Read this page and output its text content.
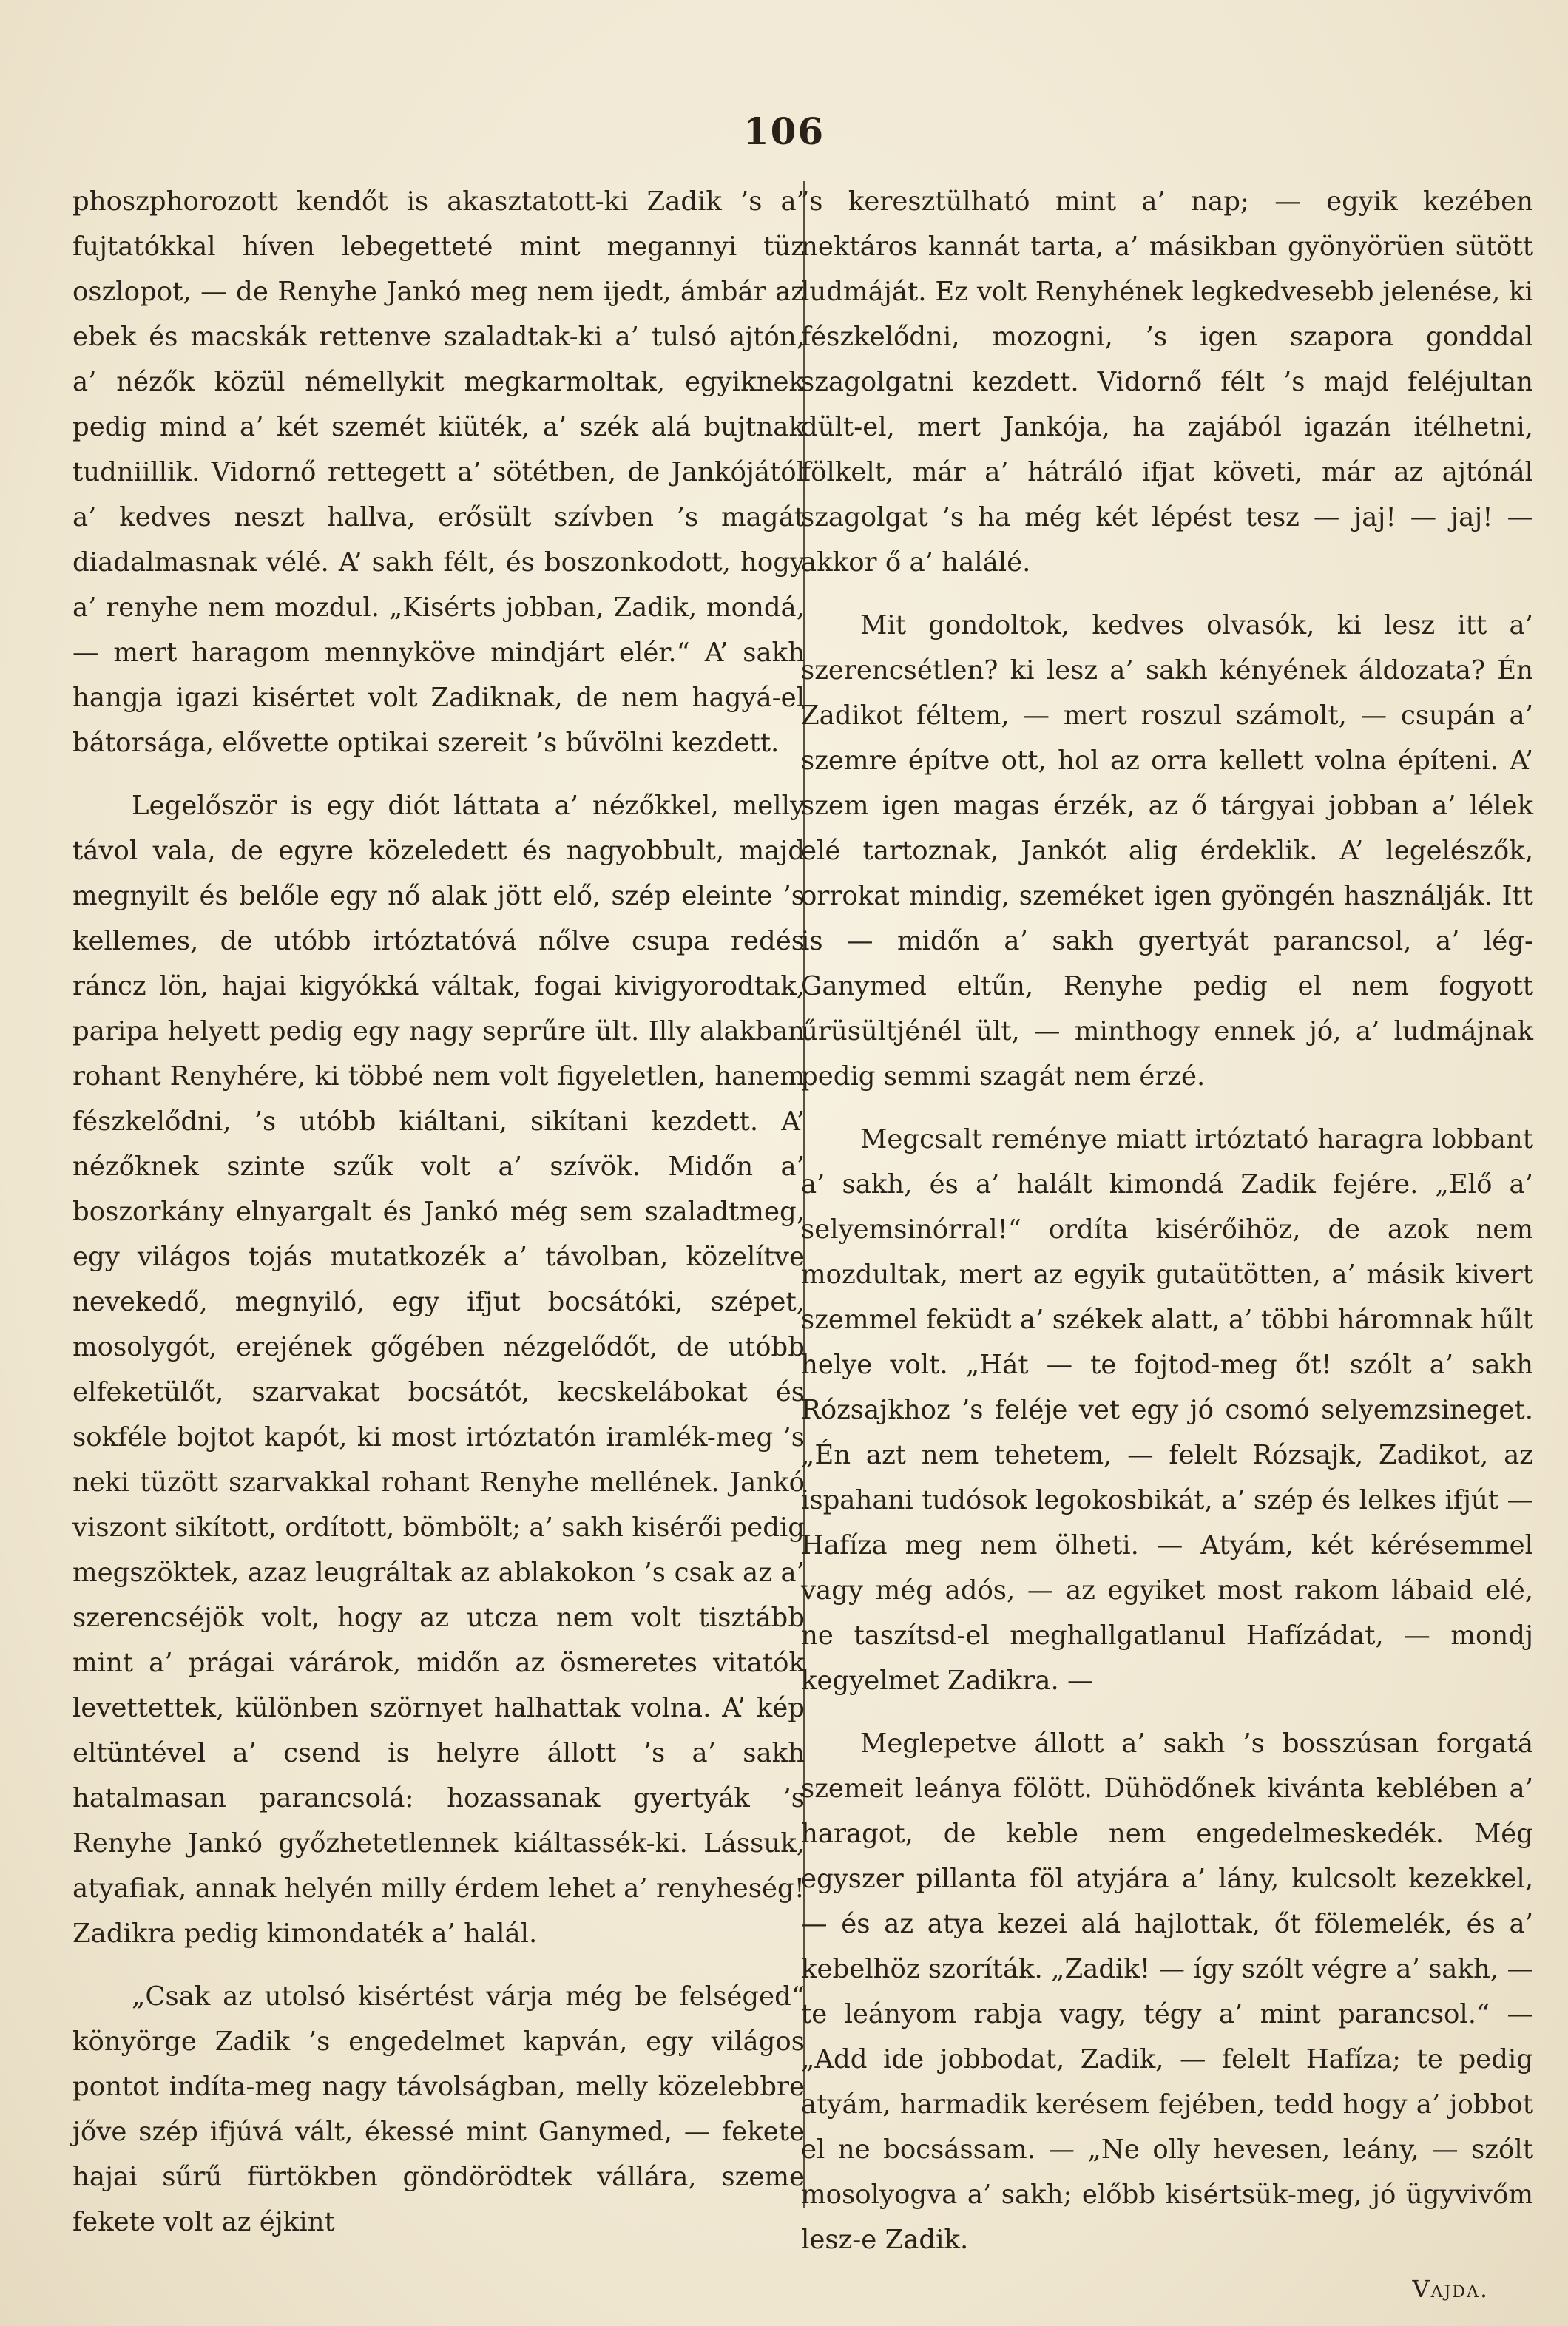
106

phoszphorozott kendőt is akasztatott-ki Zadik ’s a’ fujtatókkal híven lebegetteté mint megannyi tüz oszlopot, — de Renyhe Jankó meg nem ijedt, ámbár az ebek és macskák rettenve szaladtak-ki a’ tulsó ajtón, a’ nézők közül némellykit megkarmoltak, egyiknek pedig mind a’ két szemét kiüték, a’ szék alá bujtnak tudniillik. Vidornő rettegett a’ sötétben, de Jankójától a’ kedves neszt hallva, erősült szívben ’s magát diadalmasnak vélé. A’ sakh félt, és boszonkodott, hogy a’ renyhe nem mozdul. „Kisérts jobban, Zadik, mondá, — mert haragom mennyköve mindjárt elér.“ A’ sakh hangja igazi kisértet volt Zadiknak, de nem hagyá-el bátorsága, elővette optikai szereit ’s bűvölni kezdett.

Legelőször is egy diót láttata a’ nézőkkel, melly távol vala, de egyre közeledett és nagyobbult, majd megnyilt és belőle egy nő alak jött elő, szép eleinte ’s kellemes, de utóbb irtóztatóvá nőlve csupa redés ráncz lön, hajai kigyókká váltak, fogai kivigyorodtak, paripa helyett pedig egy nagy seprűre ült. Illy alakban rohant Renyhére, ki többé nem volt figyeletlen, hanem fészkelődni, ’s utóbb kiáltani, sikítani kezdett. A’ nézőknek szinte szűk volt a’ szívök. Midőn a’ boszorkány elnyargalt és Jankó még sem szaladtmeg, egy világos tojás mutatkozék a’ távolban, közelítve nevekedő, megnyiló, egy ifjut bocsátóki, szépet, mosolygót, erejének gőgében nézgelődőt, de utóbb elfeketülőt, szarvakat bocsátót, kecskelábokat és sokféle bojtot kapót, ki most irtóztatón iramlék-meg ’s neki tüzött szarvakkal rohant Renyhe mellének. Jankó viszont sikított, ordított, bömbölt; a’ sakh kisérői pedig megszöktek, azaz leugráltak az ablakokon ’s csak az a’ szerencséjök volt, hogy az utcza nem volt tisztább mint a’ prágai várárok, midőn az ösmeretes vitatók levettettek, különben szörnyet halhattak volna. A’ kép eltüntével a’ csend is helyre állott ’s a’ sakh hatalmasan parancsolá: hozassanak gyertyák ’s Renyhe Jankó győzhetetlennek kiáltassék-ki. Lássuk, atyafiak, annak helyén milly érdem lehet a’ renyheség! Zadikra pedig kimondaték a’ halál.

„Csak az utolsó kisértést várja még be felséged“ könyörge Zadik ’s engedelmet kapván, egy világos pontot indíta-meg nagy távolságban, melly közelebbre jőve szép ifjúvá vált, ékessé mint Ganymed, — fekete hajai sűrű fürtökben göndörödtek vállára, szeme fekete volt az éjkint

’s keresztülható mint a’ nap; — egyik kezében nektáros kannát tarta, a’ másikban gyönyörüen sütött ludmáját. Ez volt Renyhének legkedvesebb jelenése, ki fészkelődni, mozogni, ’s igen szapora gonddal szagolgatni kezdett. Vidornő félt ’s majd feléjultan dült-el, mert Jankója, ha zajából igazán itélhetni, fölkelt, már a’ hátráló ifjat követi, már az ajtónál szagolgat ’s ha még két lépést tesz — jaj! — jaj! — akkor ő a’ halálé.

Mit gondoltok, kedves olvasók, ki lesz itt a’ szerencsétlen? ki lesz a’ sakh kényének áldozata? Én Zadikot féltem, — mert roszul számolt, — csupán a’ szemre építve ott, hol az orra kellett volna építeni. A’ szem igen magas érzék, az ő tárgyai jobban a’ lélek elé tartoznak, Jankót alig érdeklik. A’ legelészők, orrokat mindig, szeméket igen gyöngén használják. Itt is — midőn a’ sakh gyertyát parancsol, a’ lég-Ganymed eltűn, Renyhe pedig el nem fogyott űrüsültjénél ült, — minthogy ennek jó, a’ ludmájnak pedig semmi szagát nem érzé.

Megcsalt reménye miatt irtóztató haragra lobbant a’ sakh, és a’ halált kimondá Zadik fejére. „Elő a’ selyemsinórral!“ ordíta kisérőihöz, de azok nem mozdultak, mert az egyik gutaütötten, a’ másik kivert szemmel feküdt a’ székek alatt, a’ többi háromnak hűlt helye volt. „Hát — te fojtod-meg őt! szólt a’ sakh Rózsajkhoz ’s feléje vet egy jó csomó selyemzsineget. „Én azt nem tehetem, — felelt Rózsajk, Zadikot, az ispahani tudósok legokosbikát, a’ szép és lelkes ifjút — Hafíza meg nem ölheti. — Atyám, két kérésemmel vagy még adós, — az egyiket most rakom lábaid elé, ne taszítsd-el meghallgatlanul Hafízádat, — mondj kegyelmet Zadikra. —

Meglepetve állott a’ sakh ’s bosszúsan forgatá szemeit leánya fölött. Dühödőnek kivánta keblében a’ haragot, de keble nem engedelmeskedék. Még egyszer pillanta föl atyjára a’ lány, kulcsolt kezekkel, — és az atya kezei alá hajlottak, őt fölemelék, és a’ kebelhöz szoríták. „Zadik! — így szólt végre a’ sakh, — te leányom rabja vagy, tégy a’ mint parancsol.“ — „Add ide jobbodat, Zadik, — felelt Hafíza; te pedig atyám, harmadik kerésem fejében, tedd hogy a’ jobbot el ne bocsássam. — „Ne olly hevesen, leány, — szólt mosolyogva a’ sakh; előbb kisértsük-meg, jó ügyvivőm lesz-e Zadik.

Vajda.
